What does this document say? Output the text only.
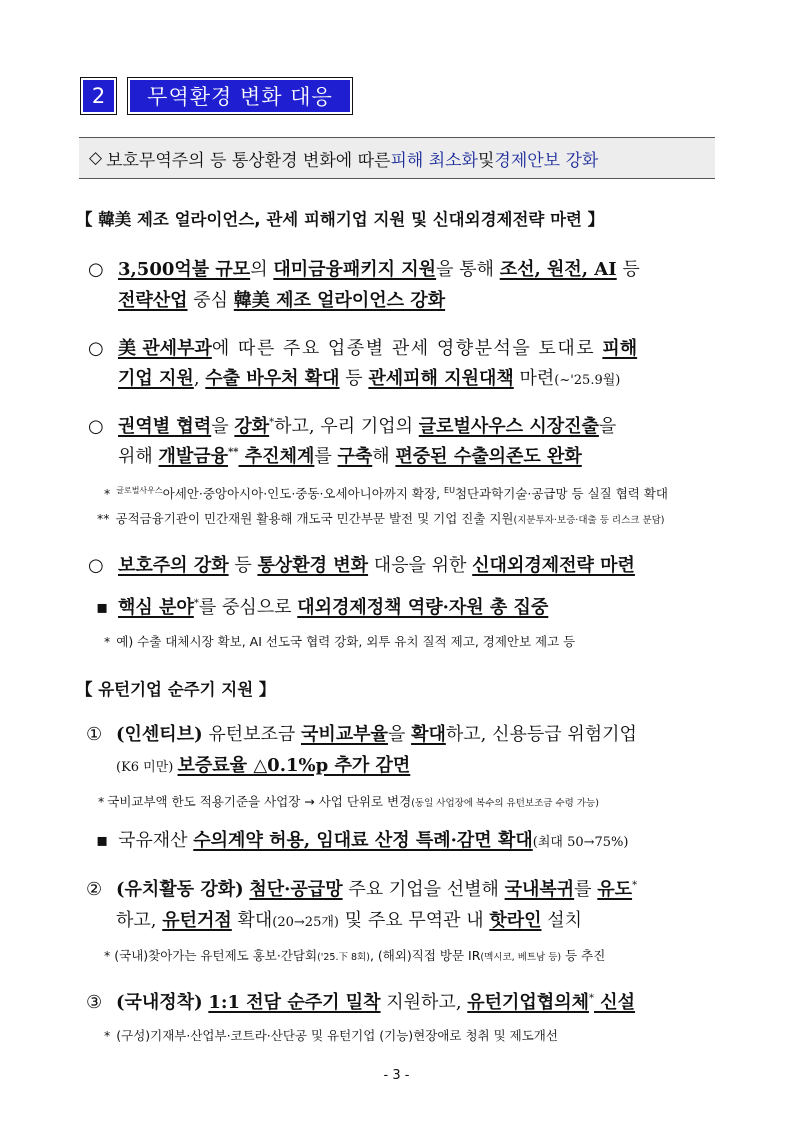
2	무역환경 변화 대응
◇ 보호무역주의 등 통상환경 변화에 따른 피해 최소화 및 경제안보 강화
【 韓美 제조 얼라이언스, 관세 피해기업 지원 및 신대외경제전략 마련 】
○ 3,500억불 규모의 대미금융패키지 지원을 통해 조선, 원전, AI 등
전략산업 중심 韓美 제조 얼라이언스 강화
○ 美 관세부과에 따른 주요 업종별 관세 영향분석을 토대로 피해
기업 지원, 수출 바우처 확대 등 관세피해 지원대책 마련(~'25.9월)
○ 권역별 협력을 강화*하고, 우리 기업의 글로벌사우스 시장진출을
위해 개발금융** 추진체계를 구축해 편중된 수출의존도 완화
* $^{글로벌사우스}$아세안·중앙아시아·인도·중동·오세아니아까지 확장, $^{EU}$첨단과학기술·공급망 등 실질 협력 확대
** 공적금융기관이 민간재원 활용해 개도국 민간부문 발전 및 기업 진출 지원(지분투자·보증·대출 등 리스크 분담)
○ 보호주의 강화 등 통상환경 변화 대응을 위한 신대외경제전략 마련
▪ 핵심 분야*를 중심으로 대외경제정책 역량·자원 총 집중
* 예) 수출 대체시장 확보, AI 선도국 협력 강화, 외투 유치 질적 제고, 경제안보 제고 등
【 유턴기업 순주기 지원 】
① (인센티브) 유턴보조금 국비교부율을 확대하고, 신용등급 위험기업
(K6 미만) 보증료율 △0.1%p 추가 감면
* 국비교부액 한도 적용기준을 사업장 → 사업 단위로 변경(동일 사업장에 복수의 유턴보조금 수령 가능)
▪ 국유재산 수의계약 허용, 임대료 산정 특례·감면 확대(최대 50→75%)
② (유치활동 강화) 첨단·공급망 주요 기업을 선별해 국내복귀를 유도*
하고, 유턴거점 확대(20→25개) 및 주요 무역관 내 핫라인 설치
* (국내)찾아가는 유턴제도 홍보·간담회('25.下 8회), (해외)직접 방문 IR(멕시코, 베트남 등) 등 추진
③ (국내정착) 1:1 전담 순주기 밀착 지원하고, 유턴기업협의체* 신설
* (구성)기재부·산업부·코트라·산단공 및 유턴기업 (기능)현장애로 청취 및 제도개선
- 3 -
